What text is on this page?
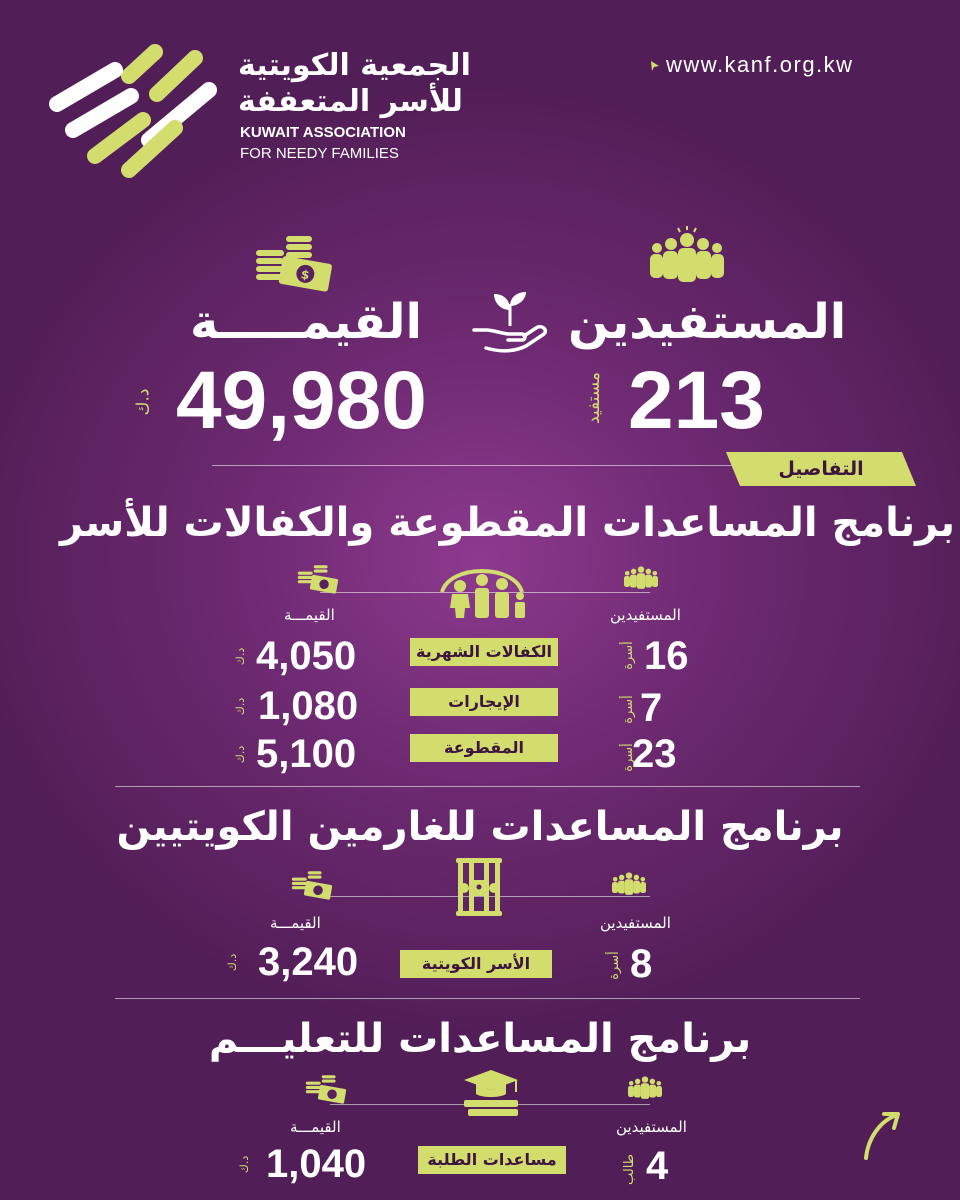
الجمعية الكويتية
للأسر المتعففة
KUWAIT ASSOCIATION
FOR NEEDY FAMILIES
www.kanf.org.kw
المستفيدين
213
مستفيد
$
القيمـــــة
49,980
د.ك
التفاصيل
برنامج المساعدات المقطوعة والكفالات للأسر
المستفيدين
القيمـــة
أسرة 16
الكفالات الشهرية
4,050
د.ك
أسرة 7
الإيجارات
1,080
د.ك
أسرة
23
المقطوعة
5,100
د.ك
برنامج المساعدات للغارمين الكويتيين
المستفيدين
القيمـــة
أسرة 8
الأسر الكويتية
3,240
د.ك
برنامج المساعدات للتعليـــم
المستفيدين
القيمـــة
طالب 4
مساعدات الطلبة
1,040
د.ك
